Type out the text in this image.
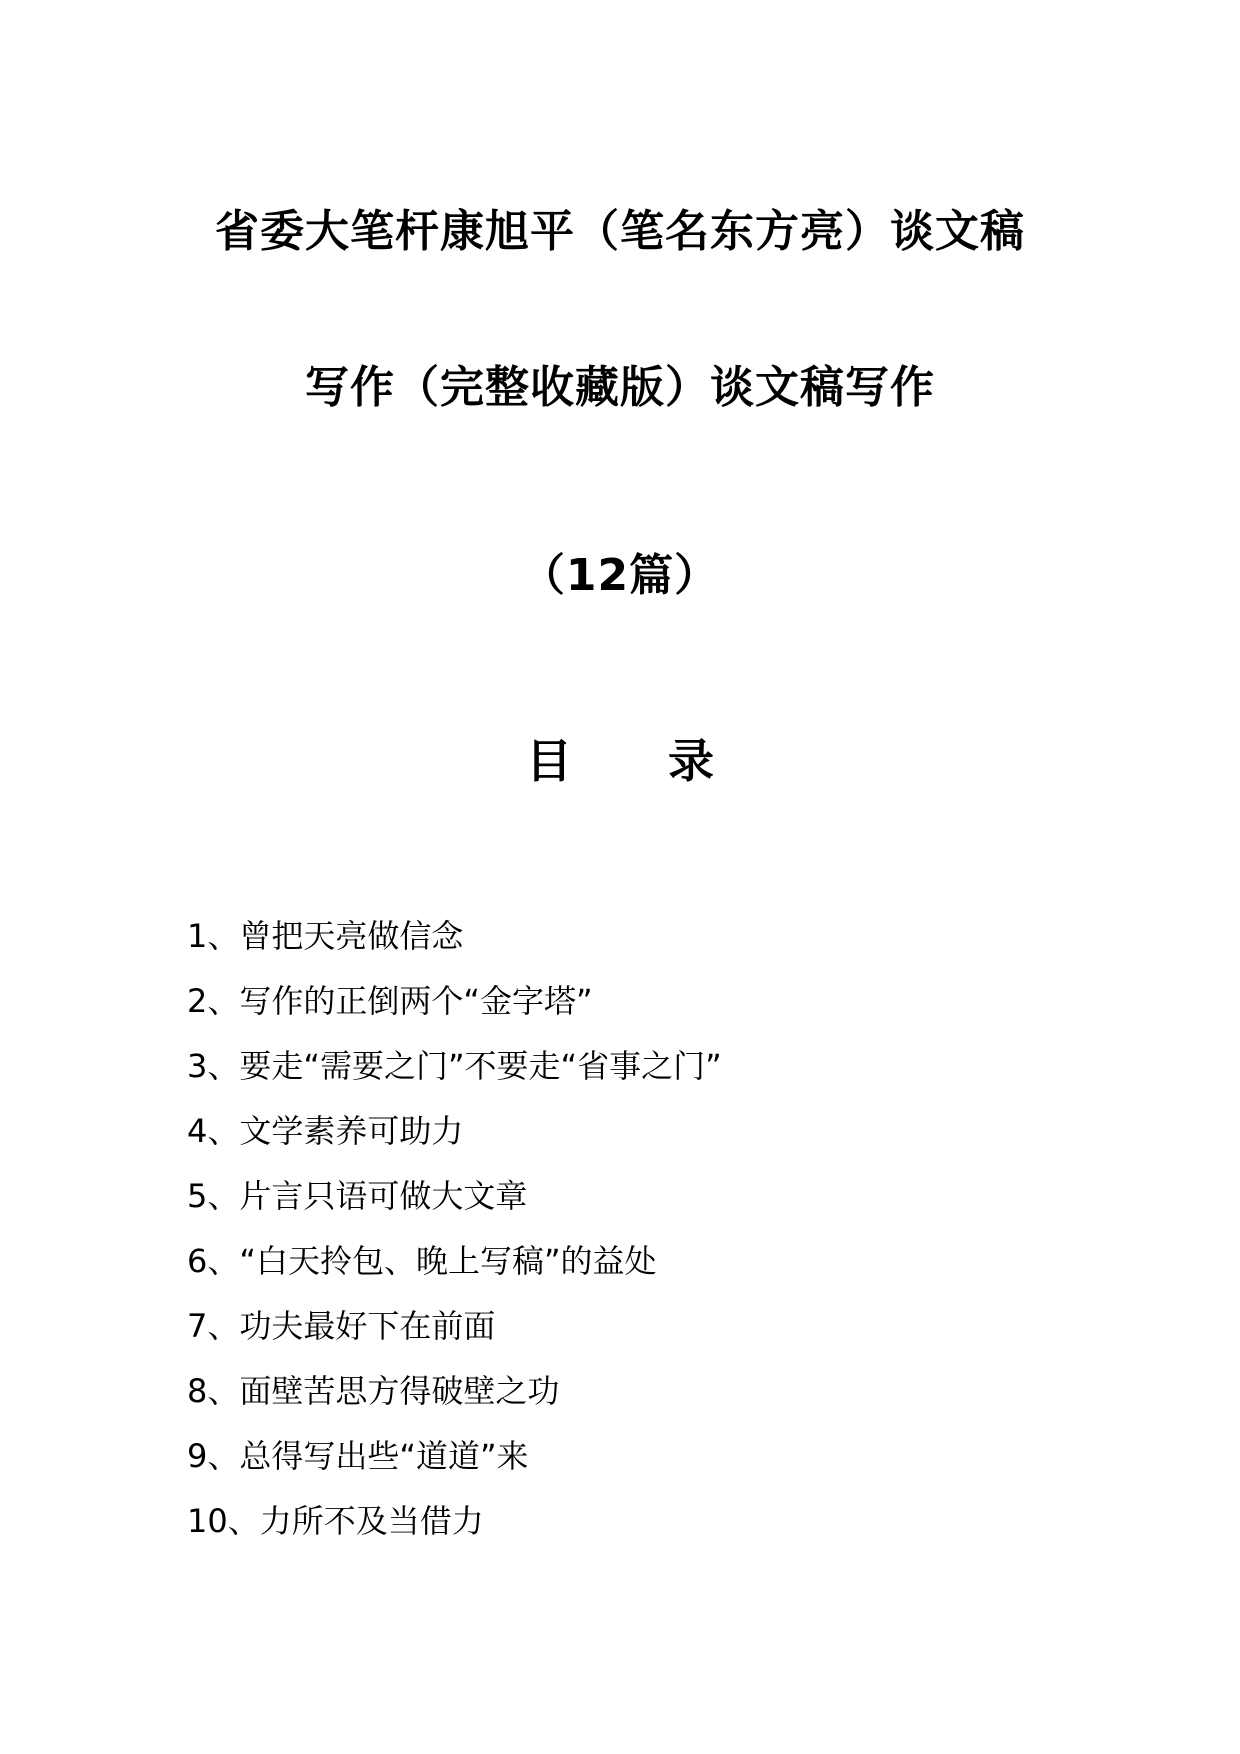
省委大笔杆康旭平（笔名东方亮）谈文稿
写作（完整收藏版）谈文稿写作
（12篇）
目 录
1、曾把天亮做信念
2、写作的正倒两个“金字塔”
3、要走“需要之门”不要走“省事之门”
4、文学素养可助力
5、片言只语可做大文章
6、“白天拎包、晚上写稿”的益处
7、功夫最好下在前面
8、面壁苦思方得破壁之功
9、总得写出些“道道”来
10、力所不及当借力
